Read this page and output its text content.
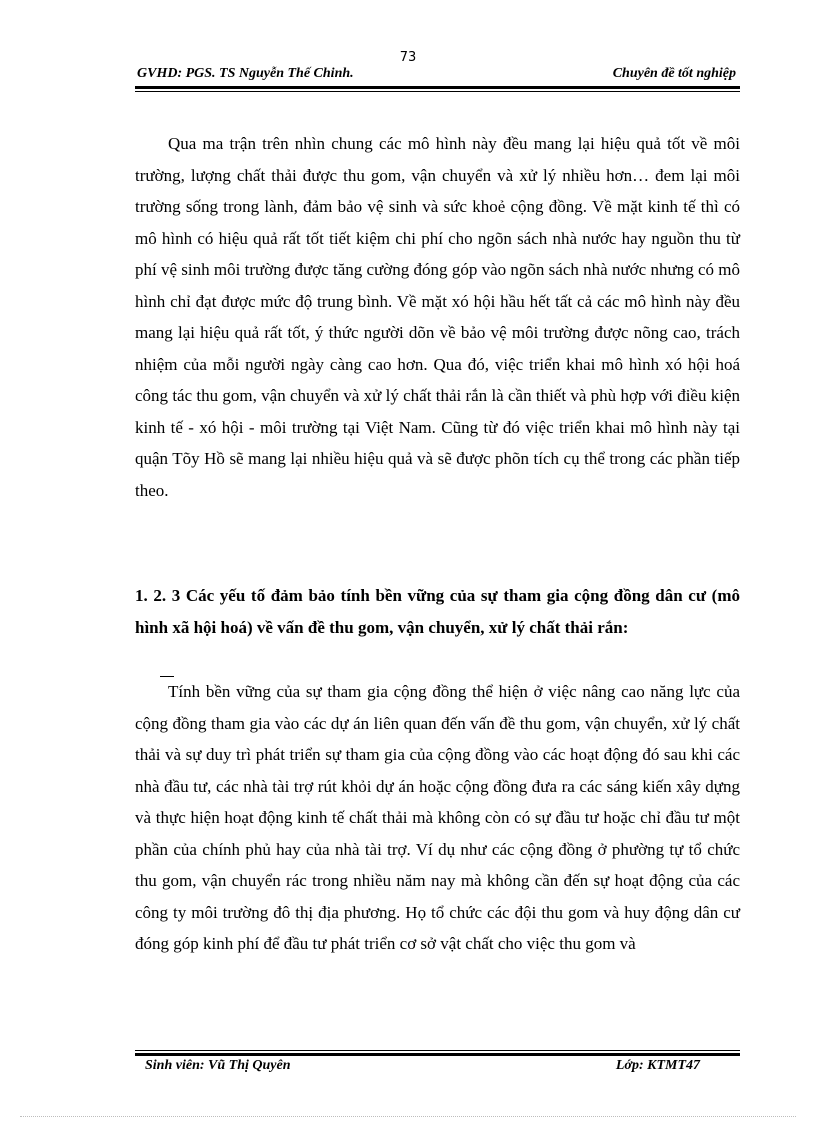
73
GVHD: PGS. TS Nguyễn Thế Chinh.	Chuyên đề tốt nghiệp

Qua ma trận trên nhìn chung các mô hình này đều mang lại hiệu quả tốt về môi trường, lượng chất thải được thu gom, vận chuyển và xử lý nhiều hơn… đem lại môi trường sống trong lành, đảm bảo vệ sinh và sức khoẻ cộng đồng. Về mặt kinh tế thì có mô hình có hiệu quả rất tốt tiết kiệm chi phí cho ngõn sách nhà nước hay nguồn thu từ phí vệ sinh môi trường được tăng cường đóng góp vào ngõn sách nhà nước nhưng có mô hình chỉ đạt được mức độ trung bình. Về mặt xó hội hầu hết tất cả các mô hình này đều mang lại hiệu quả rất tốt, ý thức người dõn về bảo vệ môi trường được nõng cao, trách nhiệm của mỗi người ngày càng cao hơn. Qua đó, việc triển khai mô hình xó hội hoá công tác thu gom, vận chuyển và xử lý chất thải rắn là cần thiết và phù hợp với điều kiện kinh tế - xó hội - môi trường tại Việt Nam. Cũng từ đó việc triển khai mô hình này tại quận Tõy Hồ sẽ mang lại nhiều hiệu quả và sẽ được phõn tích cụ thể trong các phần tiếp theo.

1. 2. 3 Các yếu tố đảm bảo tính bền vững của sự tham gia cộng đồng dân cư (mô hình xã hội hoá) về vấn đề thu gom, vận chuyển, xử lý chất thải rắn:

Tính bền vững của sự tham gia cộng đồng thể hiện ở việc nâng cao năng lực của cộng đồng tham gia vào các dự án liên quan đến vấn đề thu gom, vận chuyển, xử lý chất thải và sự duy trì phát triển sự tham gia của cộng đồng vào các hoạt động đó sau khi các nhà đầu tư, các nhà tài trợ rút khỏi dự án hoặc cộng đồng đưa ra các sáng kiến xây dựng và thực hiện hoạt động kinh tế chất thải mà không còn có sự đầu tư hoặc chỉ đầu tư một phần của chính phủ hay của nhà tài trợ. Ví dụ như các cộng đồng ở phường tự tổ chức thu gom, vận chuyển rác trong nhiều năm nay mà không cần đến sự hoạt động của các công ty môi trường đô thị địa phương. Họ tổ chức các đội thu gom và huy động dân cư đóng góp kinh phí để đầu tư phát triển cơ sở vật chất cho việc thu gom và

Sinh viên: Vũ Thị Quyên	Lớp: KTMT47
